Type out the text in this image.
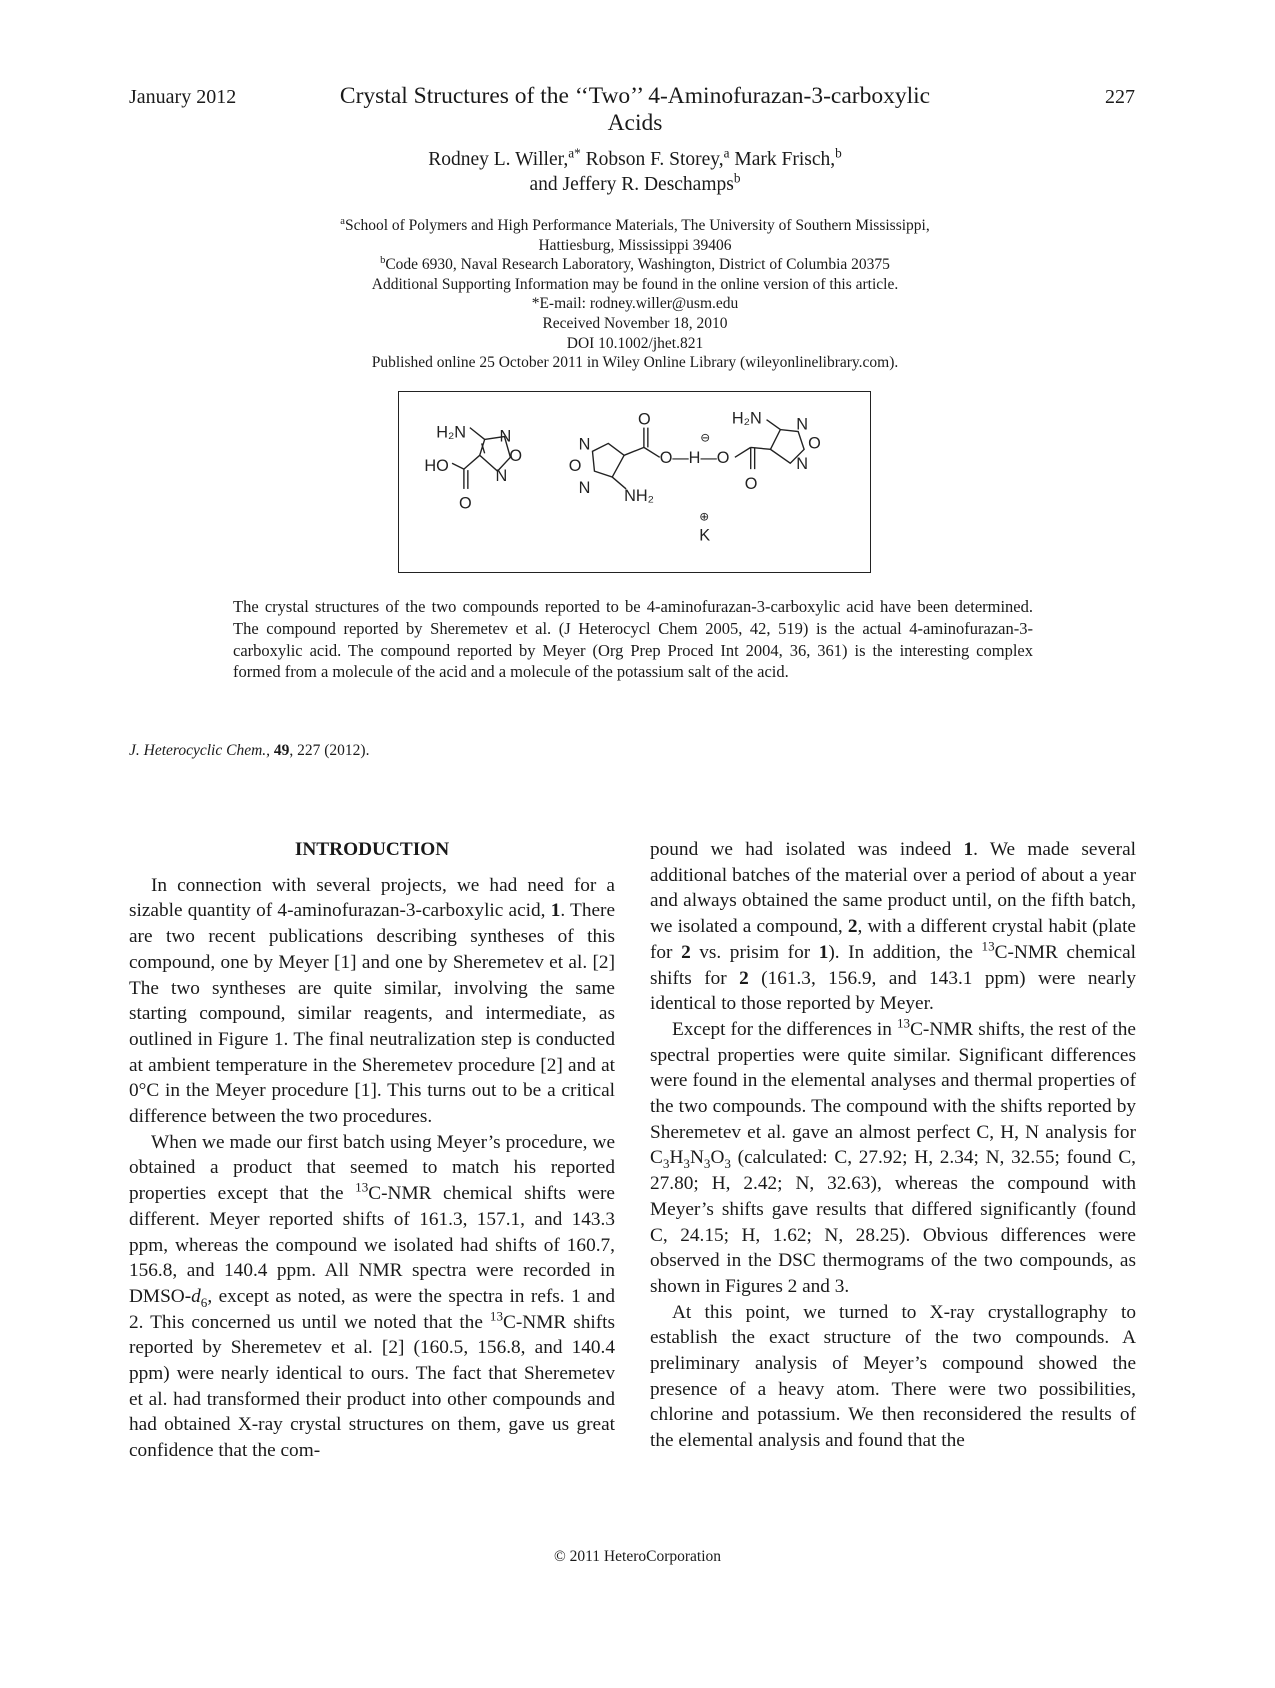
January 2012	227
Crystal Structures of the ‘‘Two’’ 4-Aminofurazan-3-carboxylic
Acids
Rodney L. Willer,$^{a*}$ Robson F. Storey,$^a$ Mark Frisch,$^b$
and Jeffery R. Deschamps$^b$
$^a$School of Polymers and High Performance Materials, The University of Southern Mississippi,
Hattiesburg, Mississippi 39406
$^b$Code 6930, Naval Research Laboratory, Washington, District of Columbia 20375
Additional Supporting Information may be found in the online version of this article.
*E-mail: rodney.willer@usm.edu
Received November 18, 2010
DOI 10.1002/jhet.821
Published online 25 October 2011 in Wiley Online Library (wileyonlinelibrary.com).
H₂N N
O
N
HO
O
O
N
O
N NH₂
O—H—O
⊖
O
H₂N N
O
N
⊕
K
The crystal structures of the two compounds reported to be 4-aminofurazan-3-carboxylic acid have been determined. The compound reported by Sheremetev et al. (J Heterocycl Chem 2005, 42, 519) is the actual 4-aminofurazan-3-carboxylic acid. The compound reported by Meyer (Org Prep Proced Int 2004, 36, 361) is the interesting complex formed from a molecule of the acid and a molecule of the potassium salt of the acid.
J. Heterocyclic Chem., 49, 227 (2012).
INTRODUCTION

In connection with several projects, we had need for a sizable quantity of 4-aminofurazan-3-carboxylic acid, 1. There are two recent publications describing syntheses of this compound, one by Meyer [1] and one by Sheremetev et al. [2] The two syntheses are quite similar, involving the same starting compound, similar reagents, and intermediate, as outlined in Figure 1. The final neutralization step is conducted at ambient temperature in the Sheremetev procedure [2] and at 0°C in the Meyer procedure [1]. This turns out to be a critical difference between the two procedures.

When we made our first batch using Meyer’s procedure, we obtained a product that seemed to match his reported properties except that the $^{13}$C-NMR chemical shifts were different. Meyer reported shifts of 161.3, 157.1, and 143.3 ppm, whereas the compound we isolated had shifts of 160.7, 156.8, and 140.4 ppm. All NMR spectra were recorded in DMSO-$d_6$, except as noted, as were the spectra in refs. 1 and 2. This concerned us until we noted that the $^{13}$C-NMR shifts reported by Sheremetev et al. [2] (160.5, 156.8, and 140.4 ppm) were nearly identical to ours. The fact that Sheremetev et al. had transformed their product into other compounds and had obtained X-ray crystal structures on them, gave us great confidence that the com-

pound we had isolated was indeed 1. We made several additional batches of the material over a period of about a year and always obtained the same product until, on the fifth batch, we isolated a compound, 2, with a different crystal habit (plate for 2 vs. prisim for 1). In addition, the $^{13}$C-NMR chemical shifts for 2 (161.3, 156.9, and 143.1 ppm) were nearly identical to those reported by Meyer.

Except for the differences in $^{13}$C-NMR shifts, the rest of the spectral properties were quite similar. Significant differences were found in the elemental analyses and thermal properties of the two compounds. The compound with the shifts reported by Sheremetev et al. gave an almost perfect C, H, N analysis for $C_3H_3N_3O_3$ (calculated: C, 27.92; H, 2.34; N, 32.55; found C, 27.80; H, 2.42; N, 32.63), whereas the compound with Meyer’s shifts gave results that differed significantly (found C, 24.15; H, 1.62; N, 28.25). Obvious differences were observed in the DSC thermograms of the two compounds, as shown in Figures 2 and 3.

At this point, we turned to X-ray crystallography to establish the exact structure of the two compounds. A preliminary analysis of Meyer’s compound showed the presence of a heavy atom. There were two possibilities, chlorine and potassium. We then reconsidered the results of the elemental analysis and found that the

© 2011 HeteroCorporation
